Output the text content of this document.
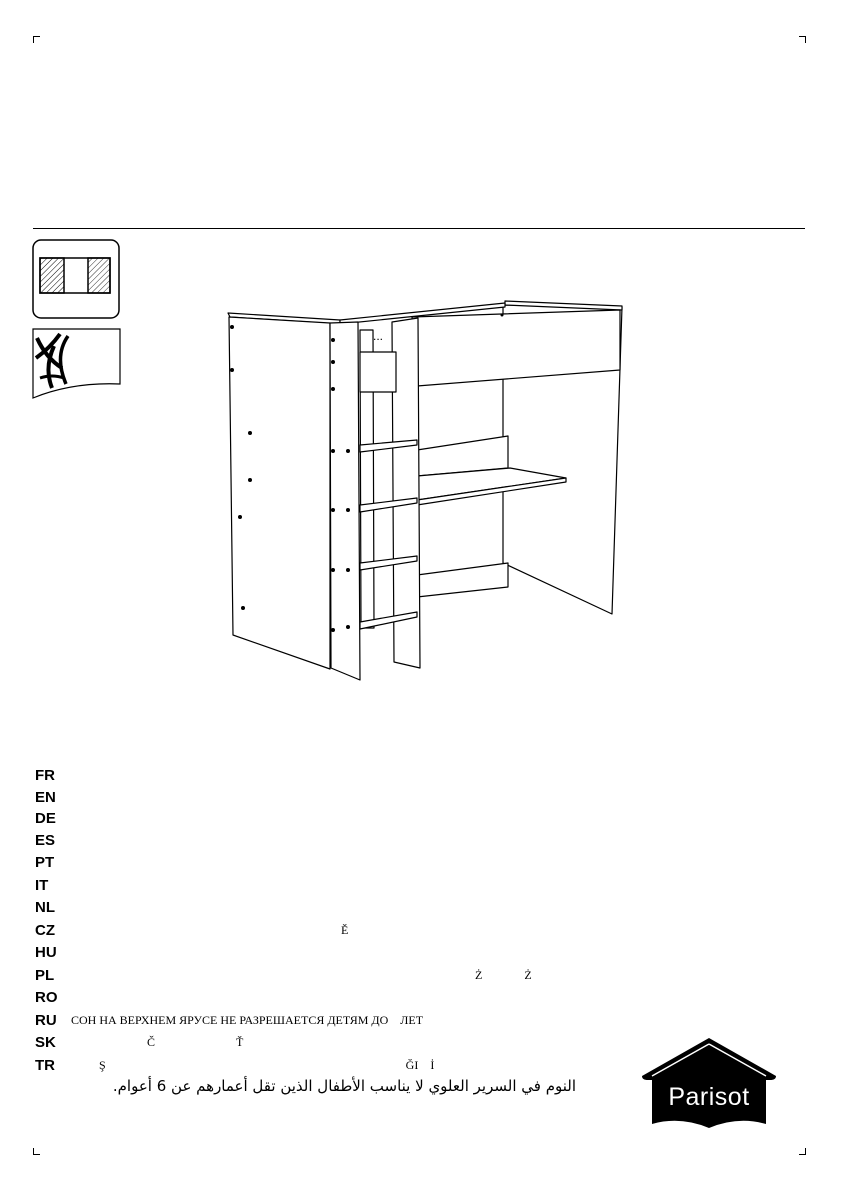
...
FR
EN
DE
ES
PT
IT
NL
CZ	Ě
HU
PL	Ż              Ż
RO
RU	СОН НА ВЕРХНЕМ ЯРУСЕ НЕ РАЗРЕШАЕТСЯ ДЕТЯМ ДО    ЛЕТ
SK	Č                           Ť
TR	Ş                                                                                                    ĞI    İ
النوم في السرير العلوي لا يناسب الأطفال الذين تقل أعمارهم عن 6 أعوام.	Parisot
